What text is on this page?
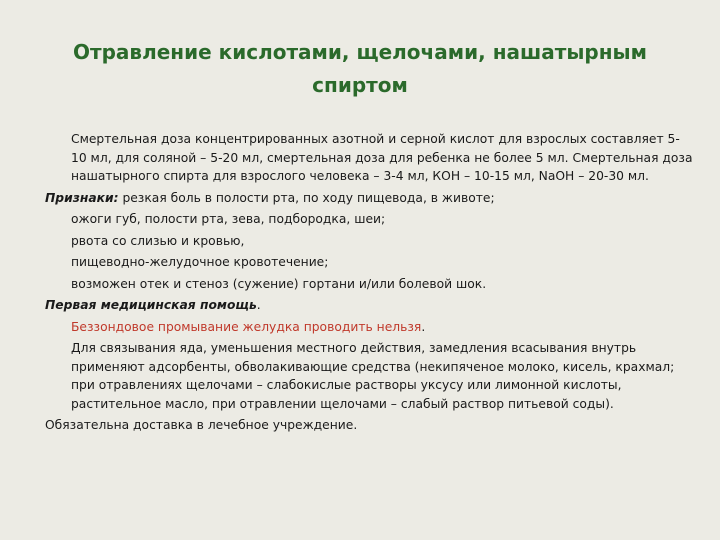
Отравление кислотами, щелочами, нашатырным спиртом

Смертельная доза концентрированных азотной и серной кислот для взрослых составляет 5-10 мл, для соляной – 5-20 мл, смертельная доза для ребенка не более 5 мл. Смертельная доза нашатырного спирта для взрослого человека – 3-4 мл, КОН – 10-15 мл, NaOH – 20-30 мл.

Признаки: резкая боль в полости рта, по ходу пищевода, в животе;

ожоги губ, полости рта, зева, подбородка, шеи;

рвота со слизью и кровью,

пищеводно-желудочное кровотечение;

возможен отек и стеноз (сужение) гортани и/или болевой шок.

Первая медицинская помощь.

Беззондовое промывание желудка проводить нельзя.

Для связывания яда, уменьшения местного действия, замедления всасывания внутрь применяют адсорбенты, обволакивающие средства (некипяченое молоко, кисель, крахмал; при отравлениях щелочами – слабокислые растворы уксусу или лимонной кислоты, растительное масло, при отравлении щелочами – слабый раствор питьевой соды).

Обязательна доставка в лечебное учреждение.
